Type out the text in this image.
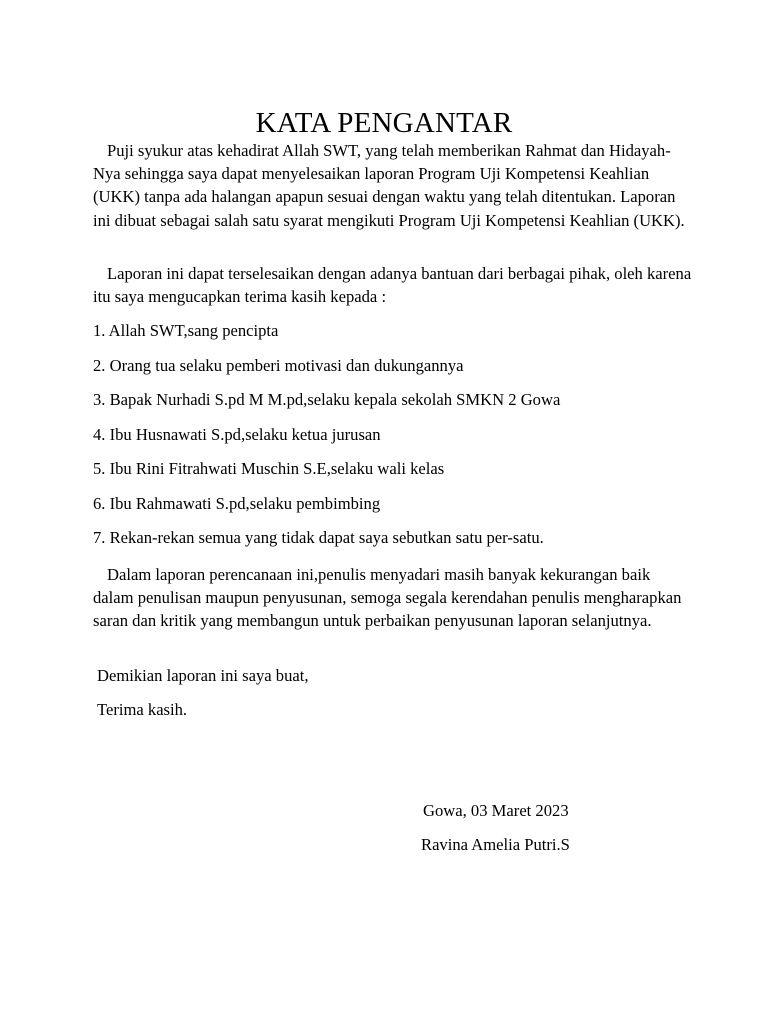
KATA PENGANTAR

Puji syukur atas kehadirat Allah SWT, yang telah memberikan Rahmat dan Hidayah-Nya sehingga saya dapat menyelesaikan laporan Program Uji Kompetensi Keahlian (UKK) tanpa ada halangan apapun sesuai dengan waktu yang telah ditentukan. Laporan ini dibuat sebagai salah satu syarat mengikuti Program Uji Kompetensi Keahlian (UKK).

Laporan ini dapat terselesaikan dengan adanya bantuan dari berbagai pihak, oleh karena itu saya mengucapkan terima kasih kepada :

1. Allah SWT,sang pencipta
2. Orang tua selaku pemberi motivasi dan dukungannya
3. Bapak Nurhadi S.pd M M.pd,selaku kepala sekolah SMKN 2 Gowa
4. Ibu Husnawati S.pd,selaku ketua jurusan
5. Ibu Rini Fitrahwati Muschin S.E,selaku wali kelas
6. Ibu Rahmawati S.pd,selaku pembimbing
7. Rekan-rekan semua yang tidak dapat saya sebutkan satu per-satu.

Dalam laporan perencanaan ini,penulis menyadari masih banyak kekurangan baik dalam penulisan maupun penyusunan, semoga segala kerendahan penulis mengharapkan saran dan kritik yang membangun untuk perbaikan penyusunan laporan selanjutnya.

Demikian laporan ini saya buat,
Terima kasih.
Gowa, 03 Maret 2023
Ravina Amelia Putri.S
